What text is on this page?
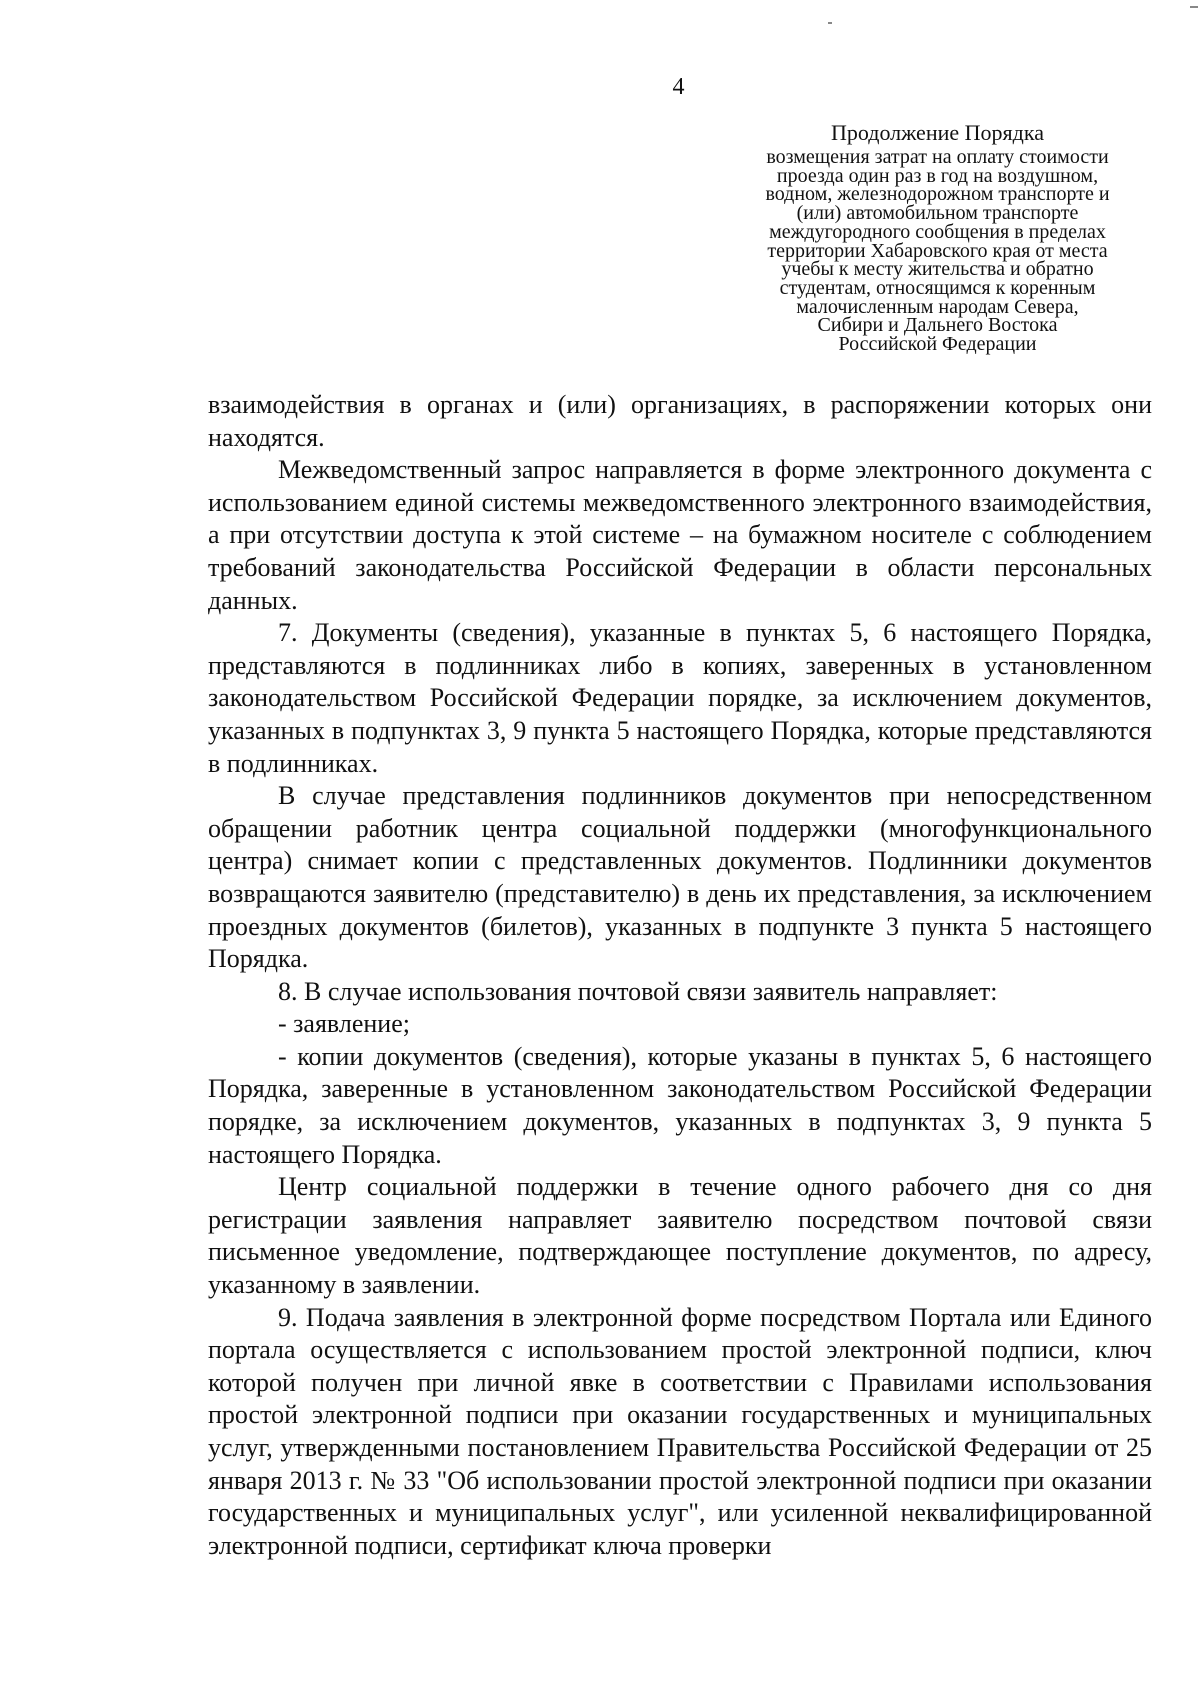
4
Продолжение Порядка
возмещения затрат на оплату стоимости
проезда один раз в год на воздушном,
водном, железнодорожном транспорте и
(или) автомобильном транспорте
междугородного сообщения в пределах
территории Хабаровского края от места
учебы к месту жительства и обратно
студентам, относящимся к коренным
малочисленным народам Севера,
Сибири и Дальнего Востока
Российской Федерации

взаимодействия в органах и (или) организациях, в распоряжении которых они находятся.

Межведомственный запрос направляется в форме электронного документа с использованием единой системы межведомственного электронного взаимодействия, а при отсутствии доступа к этой системе – на бумажном носителе с соблюдением требований законодательства Российской Федерации в области персональных данных.

7. Документы (сведения), указанные в пунктах 5, 6 настоящего Порядка, представляются в подлинниках либо в копиях, заверенных в установленном законодательством Российской Федерации порядке, за исключением документов, указанных в подпунктах 3, 9 пункта 5 настоящего Порядка, которые представляются в подлинниках.

В случае представления подлинников документов при непосредственном обращении работник центра социальной поддержки (многофункционального центра) снимает копии с представленных документов. Подлинники документов возвращаются заявителю (представителю) в день их представления, за исключением проездных документов (билетов), указанных в подпункте 3 пункта 5 настоящего Порядка.

8. В случае использования почтовой связи заявитель направляет:

- заявление;

- копии документов (сведения), которые указаны в пунктах 5, 6 настоящего Порядка, заверенные в установленном законодательством Российской Федерации порядке, за исключением документов, указанных в подпунктах 3, 9 пункта 5 настоящего Порядка.

Центр социальной поддержки в течение одного рабочего дня со дня регистрации заявления направляет заявителю посредством почтовой связи письменное уведомление, подтверждающее поступление документов, по адресу, указанному в заявлении.

9. Подача заявления в электронной форме посредством Портала или Единого портала осуществляется с использованием простой электронной подписи, ключ которой получен при личной явке в соответствии с Правилами использования простой электронной подписи при оказании государственных и муниципальных услуг, утвержденными постановлением Правительства Российской Федерации от 25 января 2013 г. № 33 "Об использовании простой электронной подписи при оказании государственных и муниципальных услуг", или усиленной неквалифицированной электронной подписи, сертификат ключа проверки
